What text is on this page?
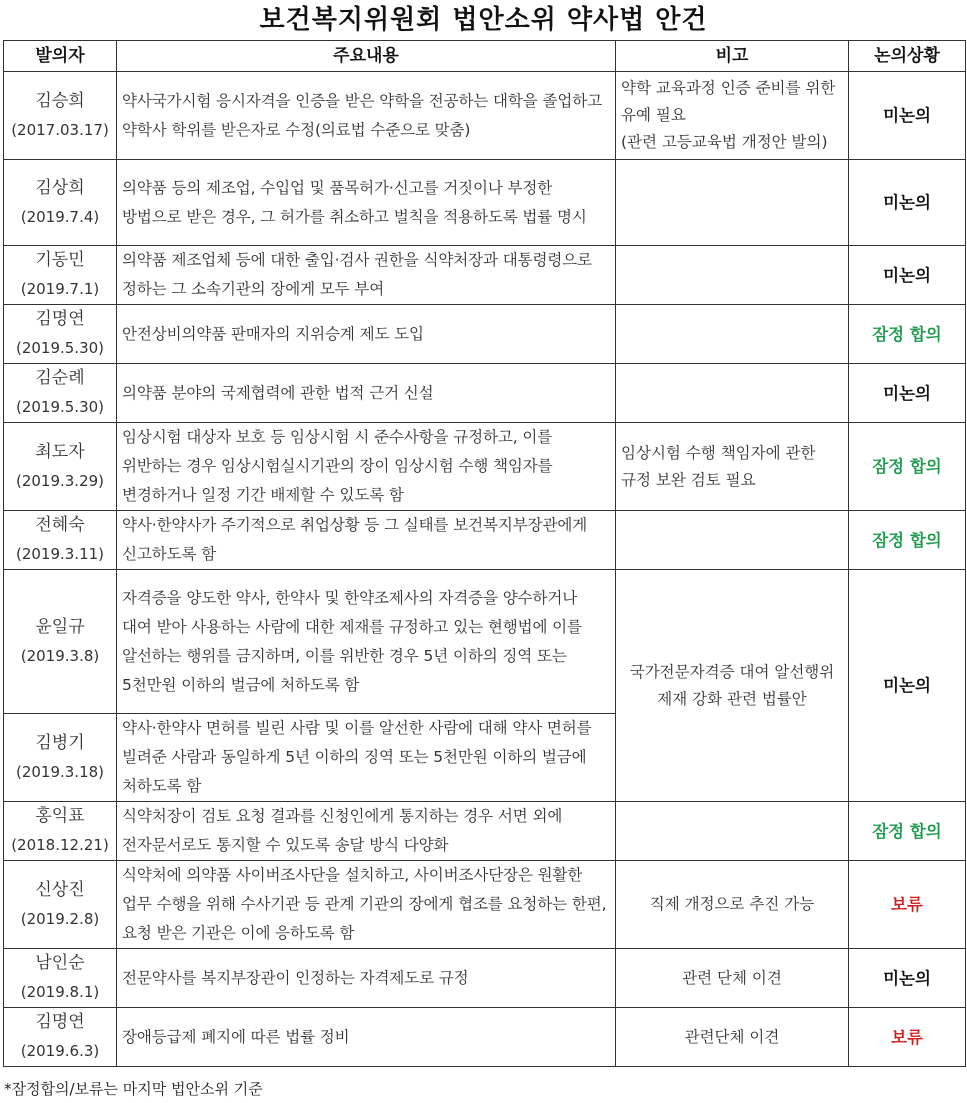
보건복지위원회 법안소위 약사법 안건
발의자	주요내용	비고	논의상황

김승희
(2017.03.17)	약사국가시험 응시자격을 인증을 받은 약학을 전공하는 대학을 졸업하고 약학사 학위를 받은자로 수정(의료법 수준으로 맞춤)	약학 교육과정 인증 준비를 위한 유예 필요
(관련 고등교육법 개정안 발의)	미논의

김상희
(2019.7.4)	의약품 등의 제조업, 수입업 및 품목허가·신고를 거짓이나 부정한 방법으로 받은 경우, 그 허가를 취소하고 벌칙을 적용하도록 법률 명시		미논의

기동민
(2019.7.1)	의약품 제조업체 등에 대한 출입·검사 권한을 식약처장과 대통령령으로 정하는 그 소속기관의 장에게 모두 부여		미논의

김명연
(2019.5.30)	안전상비의약품 판매자의 지위승계 제도 도입		잠정 합의

김순례
(2019.5.30)	의약품 분야의 국제협력에 관한 법적 근거 신설		미논의

최도자
(2019.3.29)	임상시험 대상자 보호 등 임상시험 시 준수사항을 규정하고, 이를 위반하는 경우 임상시험실시기관의 장이 임상시험 수행 책임자를 변경하거나 일정 기간 배제할 수 있도록 함	임상시험 수행 책임자에 관한 규정 보완 검토 필요	잠정 합의

전혜숙
(2019.3.11)	약사·한약사가 주기적으로 취업상황 등 그 실태를 보건복지부장관에게 신고하도록 함		잠정 합의

윤일규
(2019.3.8)	자격증을 양도한 약사, 한약사 및 한약조제사의 자격증을 양수하거나 대여 받아 사용하는 사람에 대한 제재를 규정하고 있는 현행법에 이를 알선하는 행위를 금지하며, 이를 위반한 경우 5년 이하의 징역 또는 5천만원 이하의 벌금에 처하도록 함	국가전문자격증 대여 알선행위 제재 강화 관련 법률안	미논의

김병기
(2019.3.18)	약사·한약사 면허를 빌린 사람 및 이를 알선한 사람에 대해 약사 면허를 빌려준 사람과 동일하게 5년 이하의 징역 또는 5천만원 이하의 벌금에 처하도록 함		

홍익표
(2018.12.21)	식약처장이 검토 요청 결과를 신청인에게 통지하는 경우 서면 외에 전자문서로도 통지할 수 있도록 송달 방식 다양화		잠정 합의

신상진
(2019.2.8)	식약처에 의약품 사이버조사단을 설치하고, 사이버조사단장은 원활한 업무 수행을 위해 수사기관 등 관계 기관의 장에게 협조를 요청하는 한편, 요청 받은 기관은 이에 응하도록 함	직제 개정으로 추진 가능	보류

남인순
(2019.8.1)	전문약사를 복지부장관이 인정하는 자격제도로 규정	관련 단체 이견	미논의

김명연
(2019.6.3)	장애등급제 폐지에 따른 법률 정비	관련단체 이견	보류
*잠정합의/보류는 마지막 법안소위 기준
